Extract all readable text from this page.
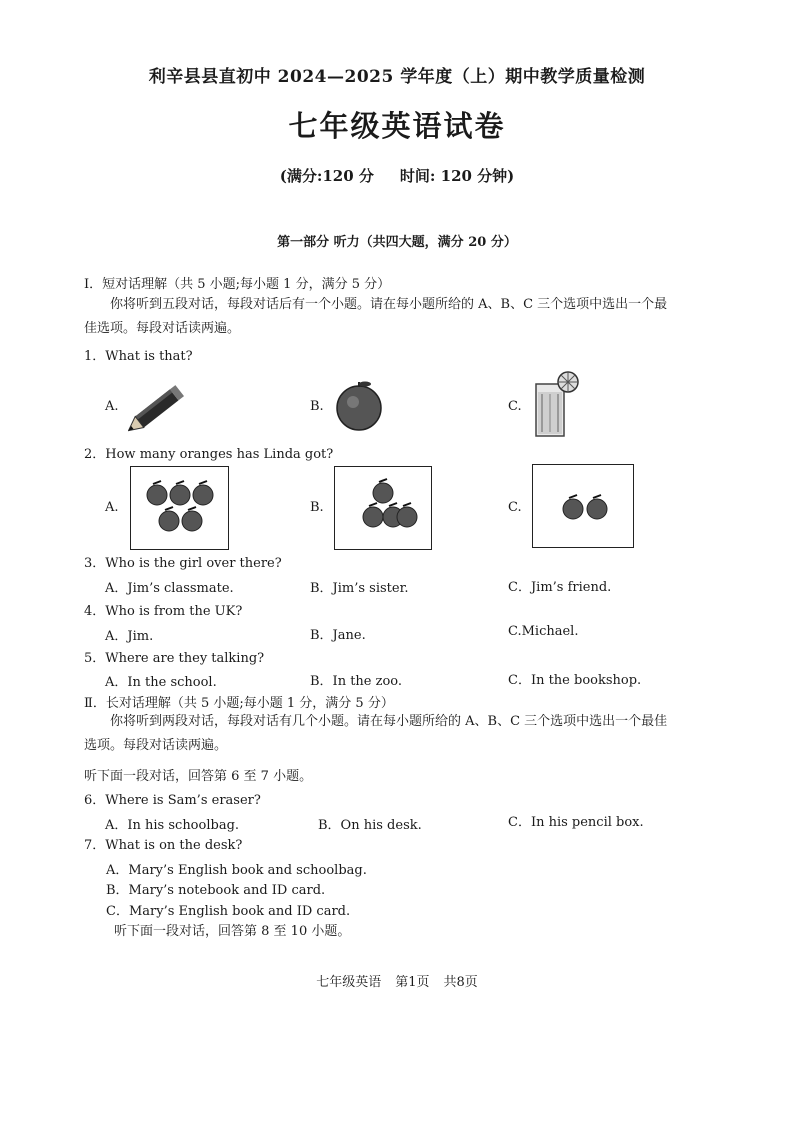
利辛县县直初中 2024—2025 学年度（上）期中教学质量检测
七年级英语试卷
(满分:120 分 时间: 120 分钟)
第一部分 听力（共四大题，满分 20 分）
Ⅰ．短对话理解（共 5 小题;每小题 1 分，满分 5 分）
你将听到五段对话，每段对话后有一个小题。请在每小题所给的 A、B、C 三个选项中选出一个最
佳选项。每段对话读两遍。
1．What is that?
A.	B.	C.
2．How many oranges has Linda got?
A.	B.	C.
3．Who is the girl over there?
A．Jim’s classmate.	B．Jim’s sister.	C．Jim’s friend.
4．Who is from the UK?
A．Jim.	B．Jane.	C.Michael.
5．Where are they talking?
A．In the school.	B．In the zoo.	C．In the bookshop.
Ⅱ．长对话理解（共 5 小题;每小题 1 分，满分 5 分）
你将听到两段对话，每段对话有几个小题。请在每小题所给的 A、B、C 三个选项中选出一个最佳
选项。每段对话读两遍。
听下面一段对话，回答第 6 至 7 小题。
6．Where is Sam’s eraser?
A．In his schoolbag.	B．On his desk.	C．In his pencil box.
7．What is on the desk?
A．Mary’s English book and schoolbag.
B．Mary’s notebook and ID card.
C．Mary’s English book and ID card.
听下面一段对话，回答第 8 至 10 小题。
七年级英语 第1页 共8页
